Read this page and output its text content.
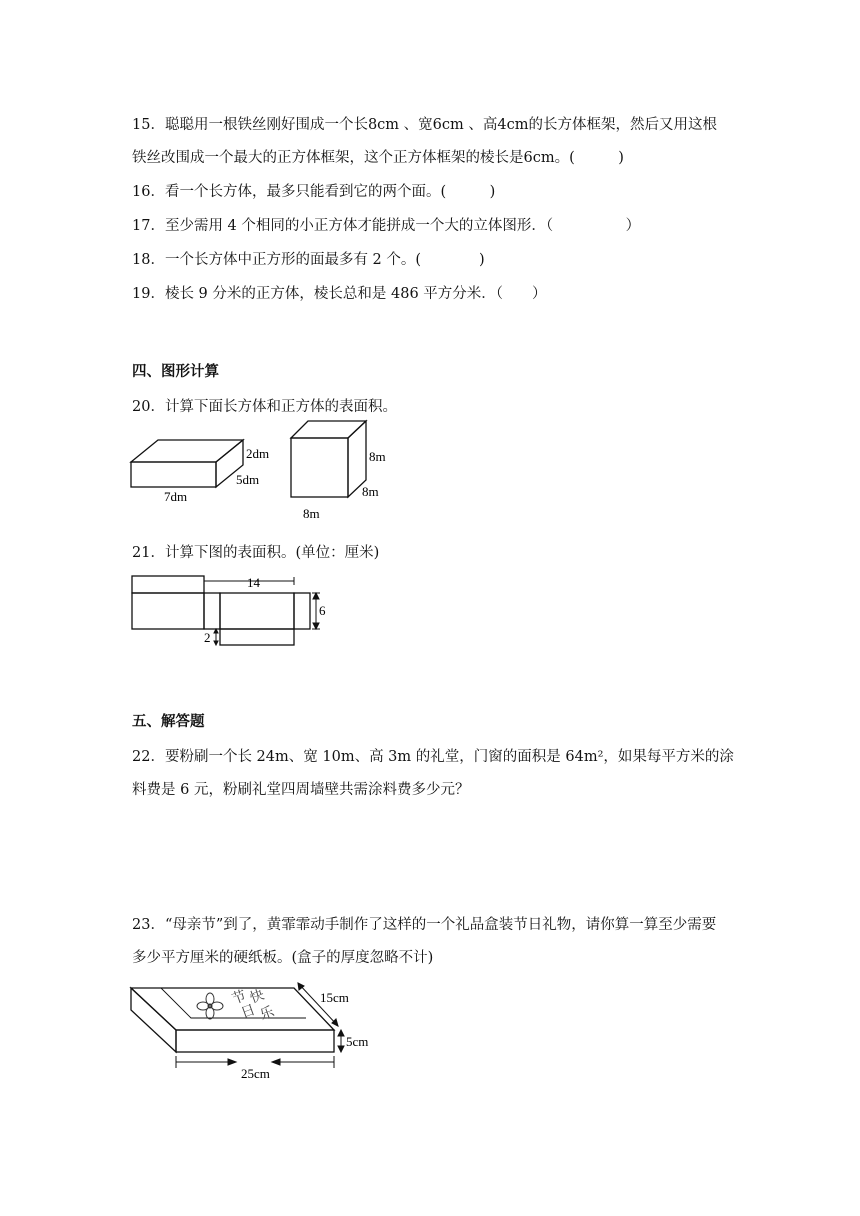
15．聪聪用一根铁丝刚好围成一个长8cm 、宽6cm 、高4cm的长方体框架，然后又用这根
铁丝改围成一个最大的正方体框架，这个正方体框架的棱长是6cm。(　　　)
16．看一个长方体，最多只能看到它的两个面。(　　　)
17．至少需用 4 个相同的小正方体才能拼成一个大的立体图形．（　　　　　）
18．一个长方体中正方形的面最多有 2 个。(　　　　)
19．棱长 9 分米的正方体，棱长总和是 486 平方分米．（　　）
四、图形计算
20．计算下面长方体和正方体的表面积。
2dm
5dm
7dm
8m
8m
8m
21．计算下图的表面积。(单位：厘米)
14
6
2
五、解答题
22．要粉刷一个长 24m、宽 10m、高 3m 的礼堂，门窗的面积是 64m²，如果每平方米的涂
料费是 6 元，粉刷礼堂四周墙壁共需涂料费多少元？
23．“母亲节”到了，黄霏霏动手制作了这样的一个礼品盒装节日礼物，请你算一算至少需要
多少平方厘米的硬纸板。(盒子的厚度忽略不计)
节
日
快
乐
15cm
5cm
25cm
